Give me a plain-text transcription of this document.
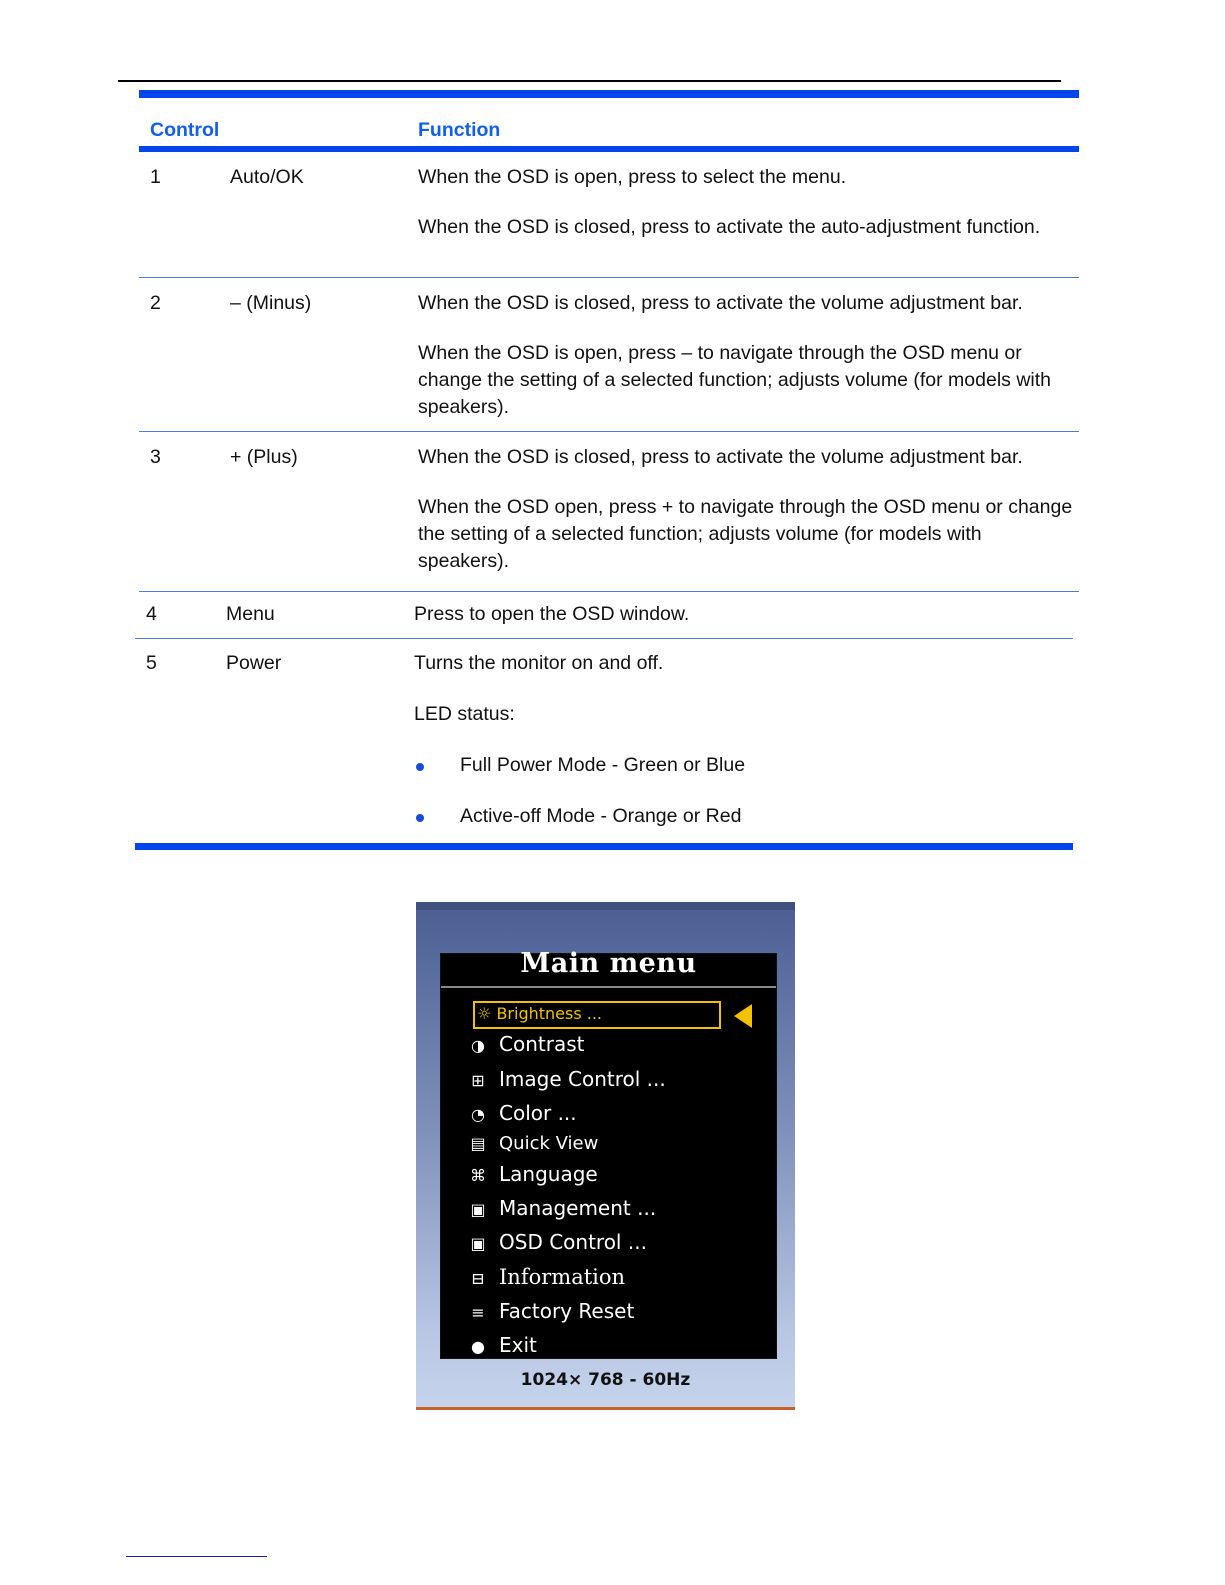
Control	Function
1	Auto/OK	When the OSD is open, press to select the menu.

When the OSD is closed, press to activate the auto-adjustment function.

2	– (Minus)	When the OSD is closed, press to activate the volume adjustment bar.

When the OSD is open, press – to navigate through the OSD menu or change the setting of a selected function; adjusts volume (for models with speakers).

3	+ (Plus)	When the OSD is closed, press to activate the volume adjustment bar.

When the OSD open, press + to navigate through the OSD menu or change the setting of a selected function; adjusts volume (for models with speakers).

4	Menu	Press to open the OSD window.

5	Power	Turns the monitor on and off.

LED status:

Full Power Mode - Green or Blue

Active-off Mode - Orange or Red

Main menu
☼ Brightness ...
◑ Contrast
⊞ Image Control ...
◔ Color ...
▤ Quick View
⌘ Language
▣ Management ...
▣ OSD Control ...
⊟ Information
≡ Factory Reset
● Exit
1024× 768 - 60Hz
